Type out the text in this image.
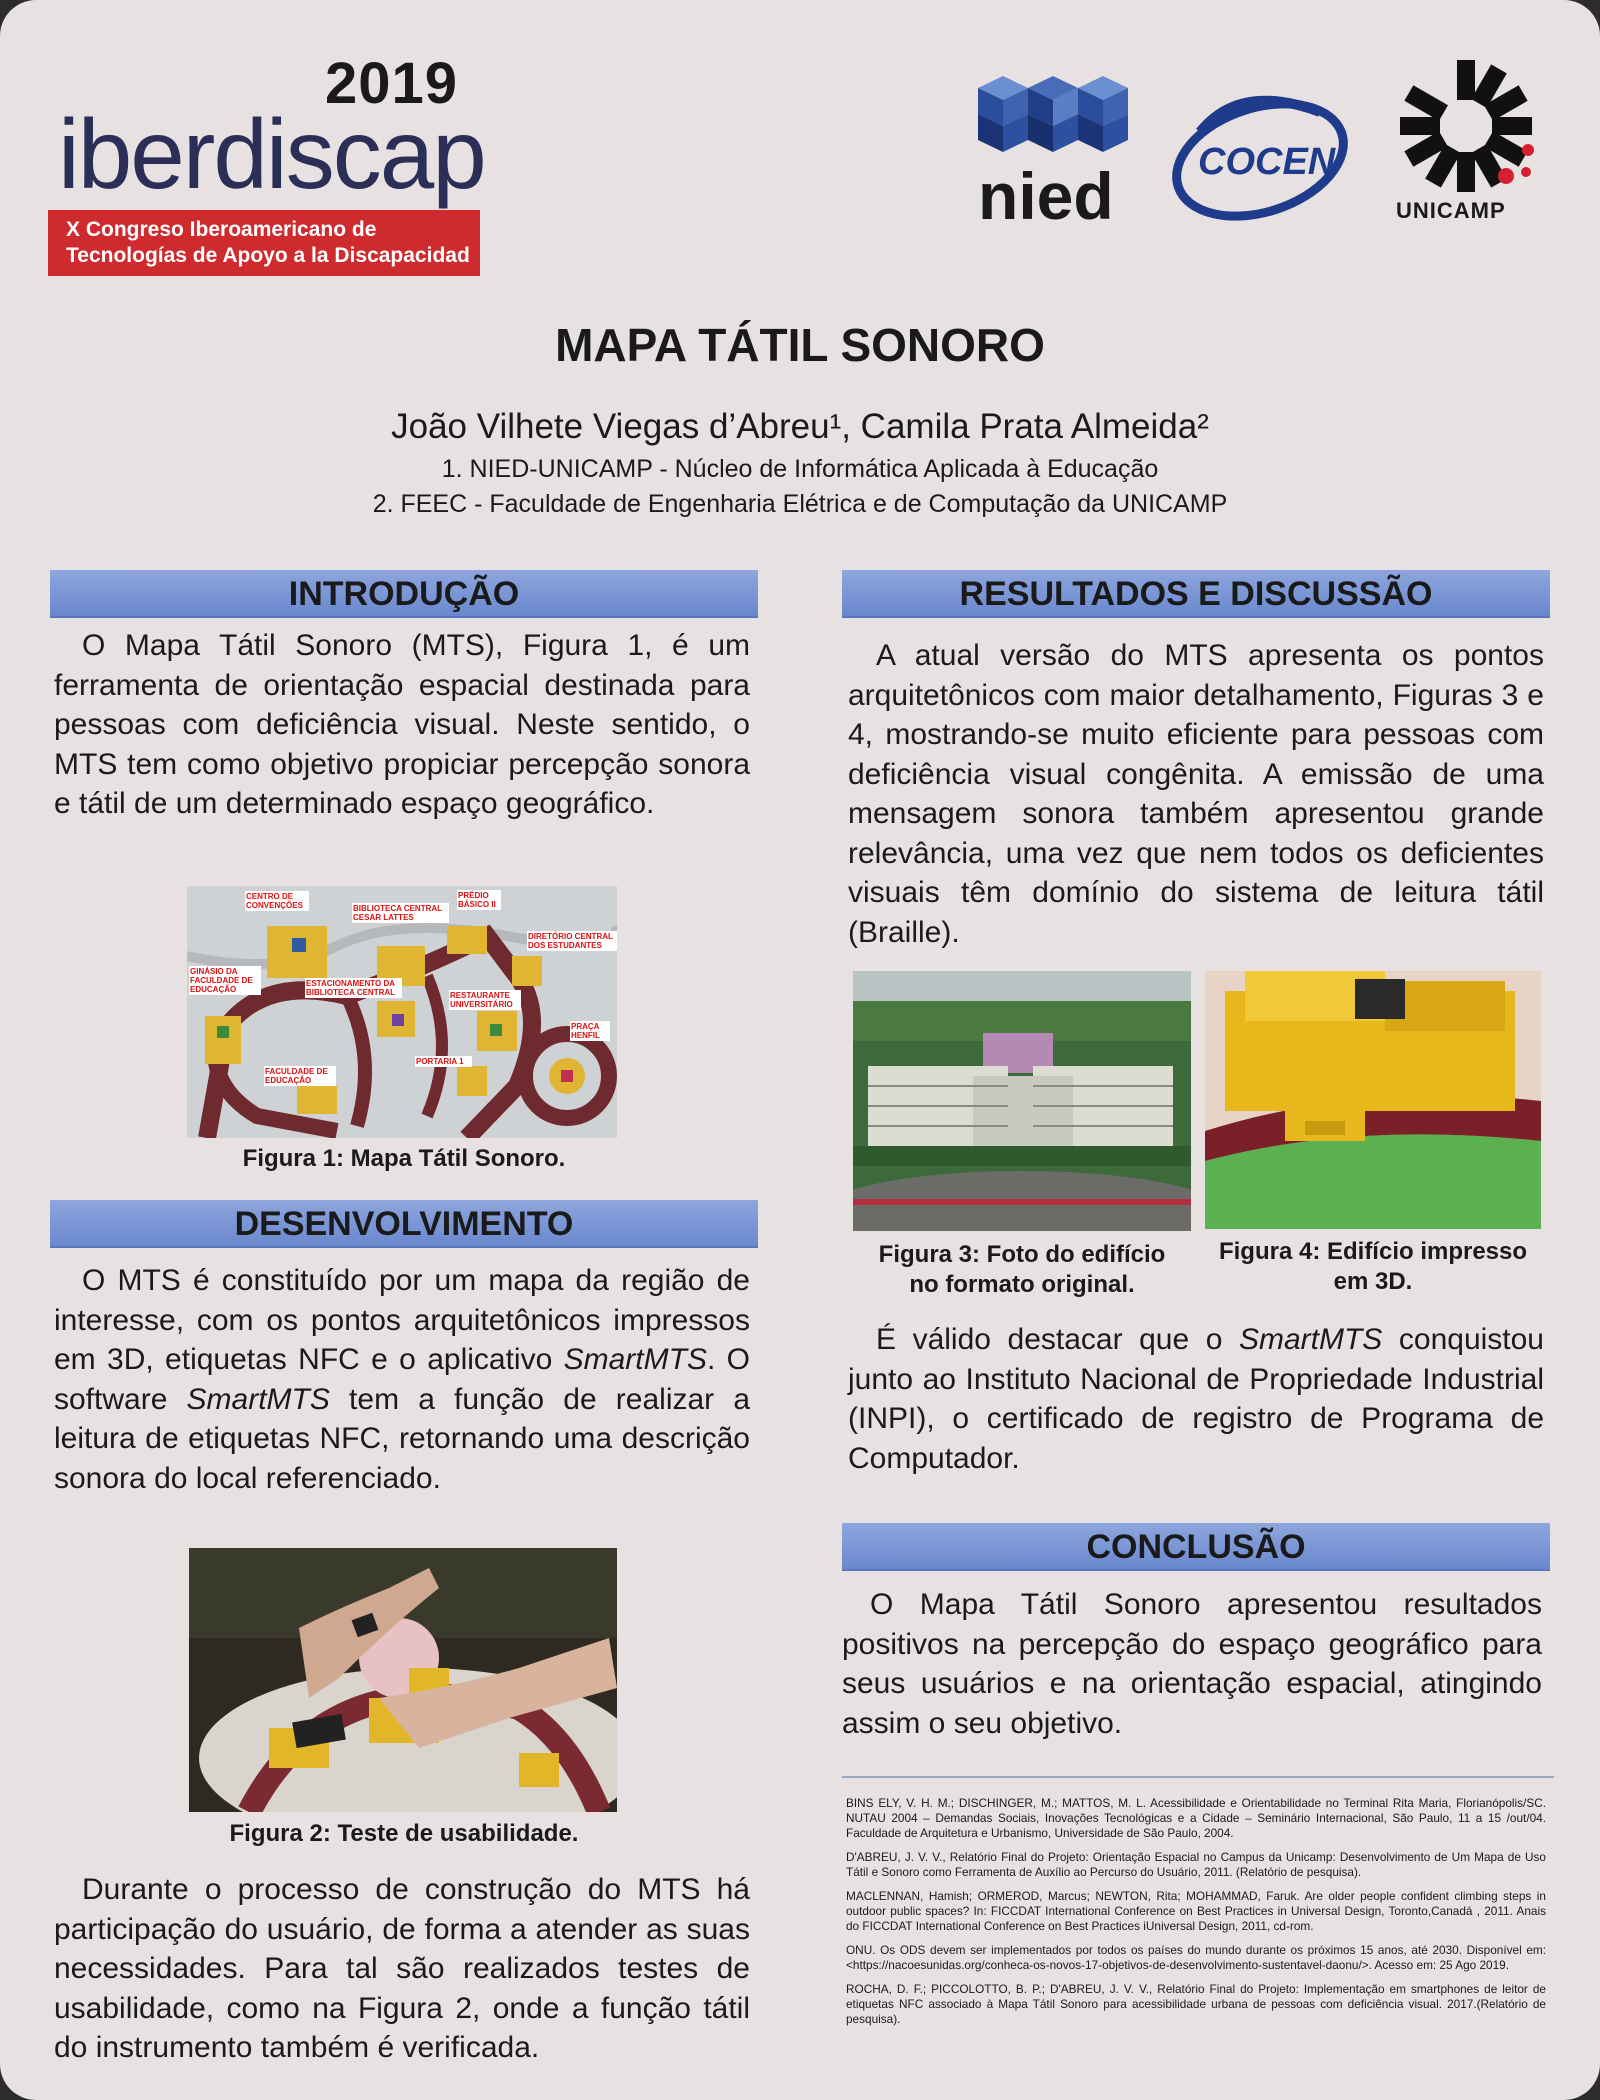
2019
iberdiscap
X Congreso Iberoamericano de
Tecnologías de Apoyo a la Discapacidad
nied COCEN
UNICAMP
MAPA TÁTIL SONORO
João Vilhete Viegas d’Abreu¹, Camila Prata Almeida²
1. NIED-UNICAMP - Núcleo de Informática Aplicada à Educação
2. FEEC - Faculdade de Engenharia Elétrica e de Computação da UNICAMP
INTRODUÇÃO
O Mapa Tátil Sonoro (MTS), Figura 1, é um ferramenta de orientação espacial destinada para pessoas com deficiência visual. Neste sentido, o MTS tem como objetivo propiciar percepção sonora e tátil de um determinado espaço geográfico.
CENTRO DE CONVENÇÕES	BIBLIOTECA CENTRAL CESAR LATTES
PRÉDIO BÁSICO II
DIRETÓRIO CENTRAL DOS ESTUDANTES
GINÁSIO DA FACULDADE DE EDUCAÇÃO
ESTACIONAMENTO DA BIBLIOTECA CENTRAL	RESTAURANTE UNIVERSITÁRIO
PRAÇA HENFIL
FACULDADE DE EDUCAÇÃO
PORTARIA 1
Figura 1: Mapa Tátil Sonoro.
DESENVOLVIMENTO
O MTS é constituído por um mapa da região de interesse, com os pontos arquitetônicos impressos em 3D, etiquetas NFC e o aplicativo SmartMTS. O software SmartMTS tem a função de realizar a leitura de etiquetas NFC, retornando uma descrição sonora do local referenciado.
Figura 2: Teste de usabilidade.
Durante o processo de construção do MTS há participação do usuário, de forma a atender as suas necessidades. Para tal são realizados testes de usabilidade, como na Figura 2, onde a função tátil do instrumento também é verificada.
RESULTADOS E DISCUSSÃO
A atual versão do MTS apresenta os pontos arquitetônicos com maior detalhamento, Figuras 3 e 4, mostrando-se muito eficiente para pessoas com deficiência visual congênita. A emissão de uma mensagem sonora também apresentou grande relevância, uma vez que nem todos os deficientes visuais têm domínio do sistema de leitura tátil (Braille).
Figura 3: Foto do edifício
no formato original.
Figura 4: Edifício impresso
em 3D.
É válido destacar que o SmartMTS conquistou junto ao Instituto Nacional de Propriedade Industrial (INPI), o certificado de registro de Programa de Computador.
CONCLUSÃO
O Mapa Tátil Sonoro apresentou resultados positivos na percepção do espaço geográfico para seus usuários e na orientação espacial, atingindo assim o seu objetivo.

BINS ELY, V. H. M.; DISCHINGER, M.; MATTOS, M. L. Acessibilidade e Orientabilidade no Terminal Rita Maria, Florianópolis/SC. NUTAU 2004 – Demandas Sociais, Inovações Tecnológicas e a Cidade – Seminário Internacional, São Paulo, 11 a 15 /out/04. Faculdade de Arquitetura e Urbanismo, Universidade de São Paulo, 2004.

D'ABREU, J. V. V., Relatório Final do Projeto: Orientação Espacial no Campus da Unicamp: Desenvolvimento de Um Mapa de Uso Tátil e Sonoro como Ferramenta de Auxílio ao Percurso do Usuário, 2011. (Relatório de pesquisa).

MACLENNAN, Hamish; ORMEROD, Marcus; NEWTON, Rita; MOHAMMAD, Faruk. Are older people confident climbing steps in outdoor public spaces? In: FICCDAT International Conference on Best Practices in Universal Design, Toronto,Canadá , 2011. Anais do FICCDAT International Conference on Best Practices iUniversal Design, 2011, cd-rom.

ONU. Os ODS devem ser implementados por todos os países do mundo durante os próximos 15 anos, até 2030. Disponível em: <https://nacoesunidas.org/conheca-os-novos-17-objetivos-de-desenvolvimento-sustentavel-daonu/>. Acesso em: 25 Ago 2019.

ROCHA, D. F.; PICCOLOTTO, B. P.; D'ABREU, J. V. V., Relatório Final do Projeto: Implementação em smartphones de leitor de etiquetas NFC associado à Mapa Tátil Sonoro para acessibilidade urbana de pessoas com deficiência visual. 2017.(Relatório de pesquisa).
